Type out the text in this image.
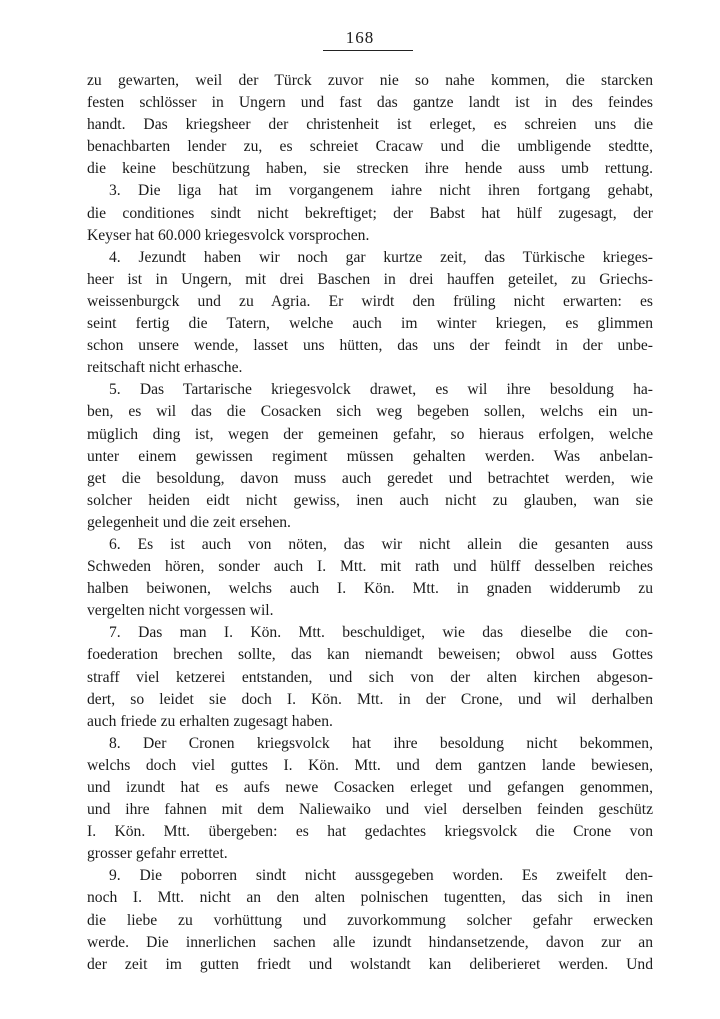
168
zu gewarten, weil der Türck zuvor nie so nahe kommen, die starcken
festen schlösser in Ungern und fast das gantze landt ist in des feindes
handt. Das kriegsheer der christenheit ist erleget, es schreien uns die
benachbarten lender zu, es schreiet Cracaw und die umbligende stedtte,
die keine beschützung haben, sie strecken ihre hende auss umb rettung.
3. Die liga hat im vorgangenem iahre nicht ihren fortgang gehabt,
die conditiones sindt nicht bekreftiget; der Babst hat hülf zugesagt, der
Keyser hat 60.000 kriegesvolck vorsprochen.
4. Jezundt haben wir noch gar kurtze zeit, das Türkische krieges-
heer ist in Ungern, mit drei Baschen in drei hauffen geteilet, zu Griechs-
weissenburgck und zu Agria. Er wirdt den früling nicht erwarten: es
seint fertig die Tatern, welche auch im winter kriegen, es glimmen
schon unsere wende, lasset uns hütten, das uns der feindt in der unbe-
reitschaft nicht erhasche.
5. Das Tartarische kriegesvolck drawet, es wil ihre besoldung ha-
ben, es wil das die Cosacken sich weg begeben sollen, welchs ein un-
müglich ding ist, wegen der gemeinen gefahr, so hieraus erfolgen, welche
unter einem gewissen regiment müssen gehalten werden. Was anbelan-
get die besoldung, davon muss auch geredet und betrachtet werden, wie
solcher heiden eidt nicht gewiss, inen auch nicht zu glauben, wan sie
gelegenheit und die zeit ersehen.
6. Es ist auch von nöten, das wir nicht allein die gesanten auss
Schweden hören, sonder auch I. Mtt. mit rath und hülff desselben reiches
halben beiwonen, welchs auch I. Kön. Mtt. in gnaden widderumb zu
vergelten nicht vorgessen wil.
7. Das man I. Kön. Mtt. beschuldiget, wie das dieselbe die con-
foederation brechen sollte, das kan niemandt beweisen; obwol auss Gottes
straff viel ketzerei entstanden, und sich von der alten kirchen abgeson-
dert, so leidet sie doch I. Kön. Mtt. in der Crone, und wil derhalben
auch friede zu erhalten zugesagt haben.
8. Der Cronen kriegsvolck hat ihre besoldung nicht bekommen,
welchs doch viel guttes I. Kön. Mtt. und dem gantzen lande bewiesen,
und izundt hat es aufs newe Cosacken erleget und gefangen genommen,
und ihre fahnen mit dem Naliewaiko und viel derselben feinden geschütz
I. Kön. Mtt. übergeben: es hat gedachtes kriegsvolck die Crone von
grosser gefahr errettet.
9. Die poborren sindt nicht aussgegeben worden. Es zweifelt den-
noch I. Mtt. nicht an den alten polnischen tugentten, das sich in inen
die liebe zu vorhüttung und zuvorkommung solcher gefahr erwecken
werde. Die innerlichen sachen alle izundt hindansetzende, davon zur an
der zeit im gutten friedt und wolstandt kan deliberieret werden. Und
